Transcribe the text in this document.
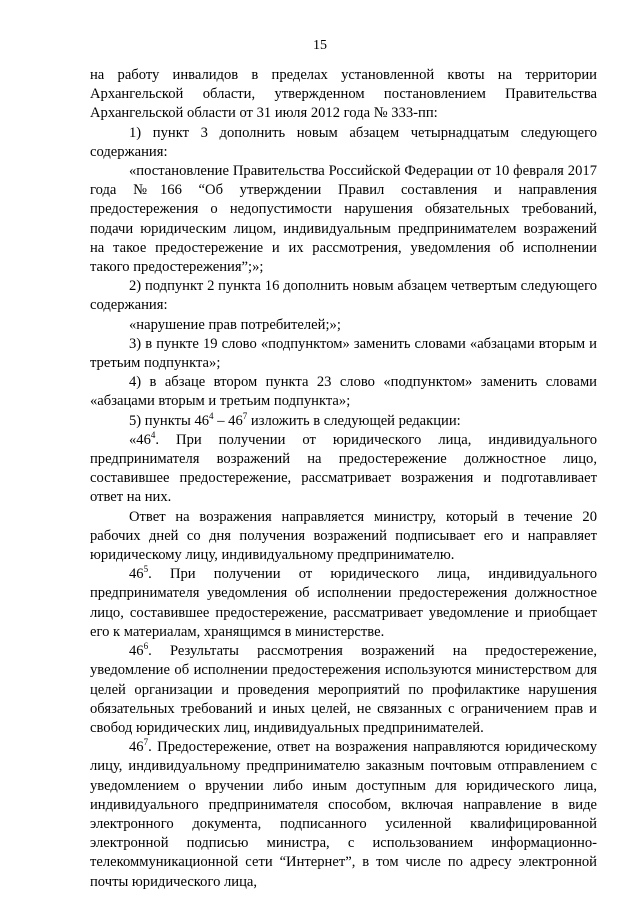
15

на работу инвалидов в пределах установленной квоты на территории Архангельской области, утвержденном постановлением Правительства Архангельской области от 31 июля 2012 года № 333-пп:

1) пункт 3 дополнить новым абзацем четырнадцатым следующего содержания:

«постановление Правительства Российской Федерации от 10 февраля 2017 года №166 “Об утверждении Правил составления и направления предостережения о недопустимости нарушения обязательных требований, подачи юридическим лицом, индивидуальным предпринимателем возражений на такое предостережение и их рассмотрения, уведомления об исполнении такого предостережения”;»;

2) подпункт 2 пункта 16 дополнить новым абзацем четвертым следующего содержания:

«нарушение прав потребителей;»;

3) в пункте 19 слово «подпунктом» заменить словами «абзацами вторым и третьим подпункта»;

4) в абзаце втором пункта 23 слово «подпунктом» заменить словами «абзацами вторым и третьим подпункта»;

5) пункты $46^4 - 46^7$ изложить в следующей редакции:

«$46^4$. При получении от юридического лица, индивидуального предпринимателя возражений на предостережение должностное лицо, составившее предостережение, рассматривает возражения и подготавливает ответ на них.

Ответ на возражения направляется министру, который в течение 20 рабочих дней со дня получения возражений подписывает его и направляет юридическому лицу, индивидуальному предпринимателю.

$46^5$. При получении от юридического лица, индивидуального предпринимателя уведомления об исполнении предостережения должностное лицо, составившее предостережение, рассматривает уведомление и приобщает его к материалам, хранящимся в министерстве.

$46^6$. Результаты рассмотрения возражений на предостережение, уведомление об исполнении предостережения используются министерством для целей организации и проведения мероприятий по профилактике нарушения обязательных требований и иных целей, не связанных с ограничением прав и свобод юридических лиц, индивидуальных предпринимателей.

$46^7$. Предостережение, ответ на возражения направляются юридическому лицу, индивидуальному предпринимателю заказным почтовым отправлением с уведомлением о вручении либо иным доступным для юридического лица, индивидуального предпринимателя способом, включая направление в виде электронного документа, подписанного усиленной квалифицированной электронной подписью министра, с использованием информационно-телекоммуникационной сети “Интернет”, в том числе по адресу электронной почты юридического лица,
